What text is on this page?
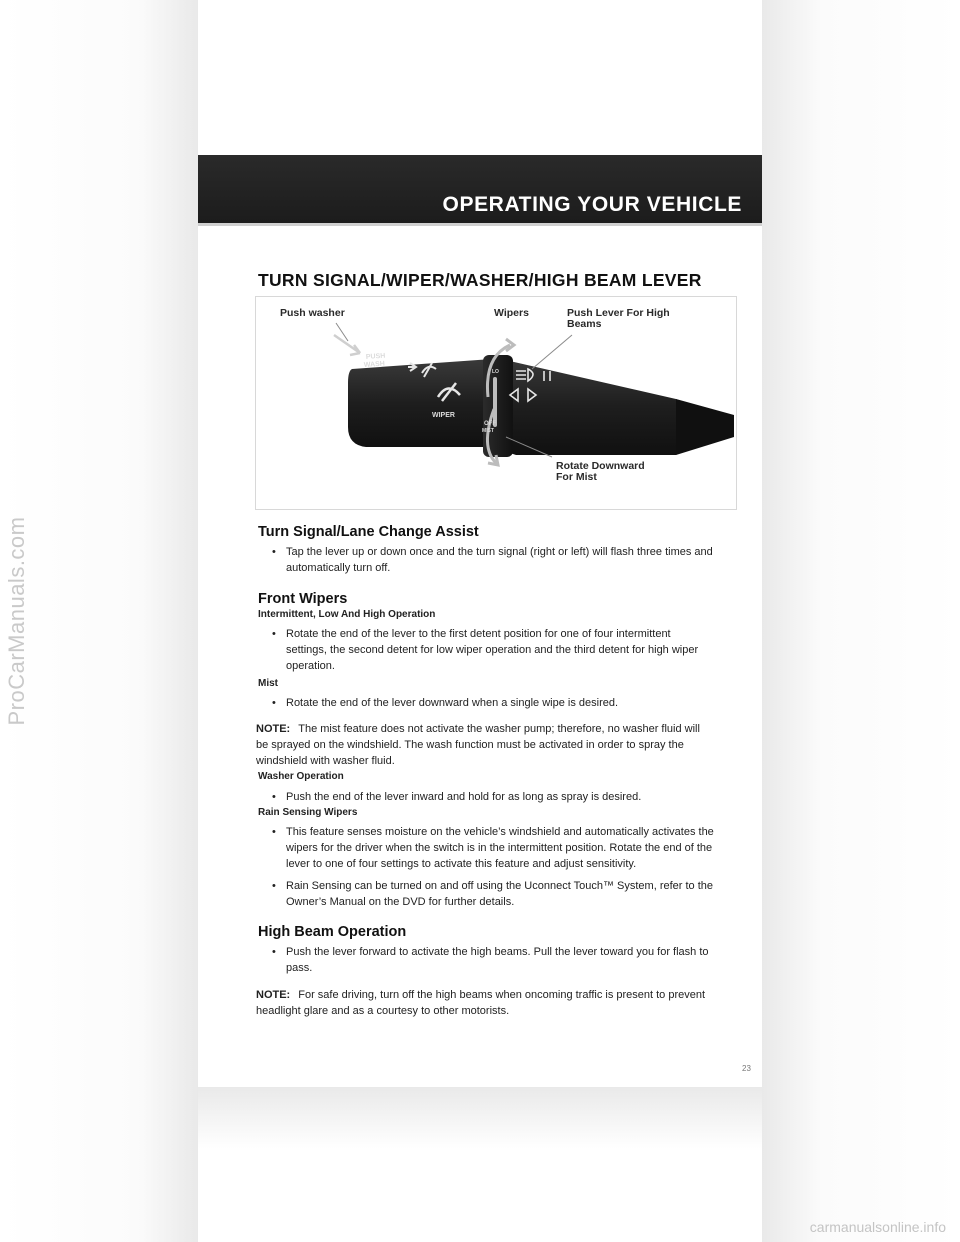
OPERATING YOUR VEHICLE
TURN SIGNAL/WIPER/WASHER/HIGH BEAM LEVER
PUSH
WASH
WIPER
LO
OFF
MIST
Push washer	Wipers	Push Lever For High
Beams
Rotate Downward
For Mist
Turn Signal/Lane Change Assist
• Tap the lever up or down once and the turn signal (right or left) will flash three times and
automatically turn off.
Front Wipers
Intermittent, Low And High Operation
• Rotate the end of the lever to the first detent position for one of four intermittent
settings, the second detent for low wiper operation and the third detent for high wiper
operation.
Mist
• Rotate the end of the lever downward when a single wipe is desired.
NOTE: The mist feature does not activate the washer pump; therefore, no washer fluid will
be sprayed on the windshield. The wash function must be activated in order to spray the
windshield with washer fluid.
Washer Operation
• Push the end of the lever inward and hold for as long as spray is desired.
Rain Sensing Wipers
• This feature senses moisture on the vehicle’s windshield and automatically activates the
wipers for the driver when the switch is in the intermittent position. Rotate the end of the
lever to one of four settings to activate this feature and adjust sensitivity.
• Rain Sensing can be turned on and off using the Uconnect Touch™ System, refer to the
Owner’s Manual on the DVD for further details.
High Beam Operation
• Push the lever forward to activate the high beams. Pull the lever toward you for flash to
pass.
NOTE: For safe driving, turn off the high beams when oncoming traffic is present to prevent
headlight glare and as a courtesy to other motorists.
23
ProCarManuals.com
carmanualsonline.info
